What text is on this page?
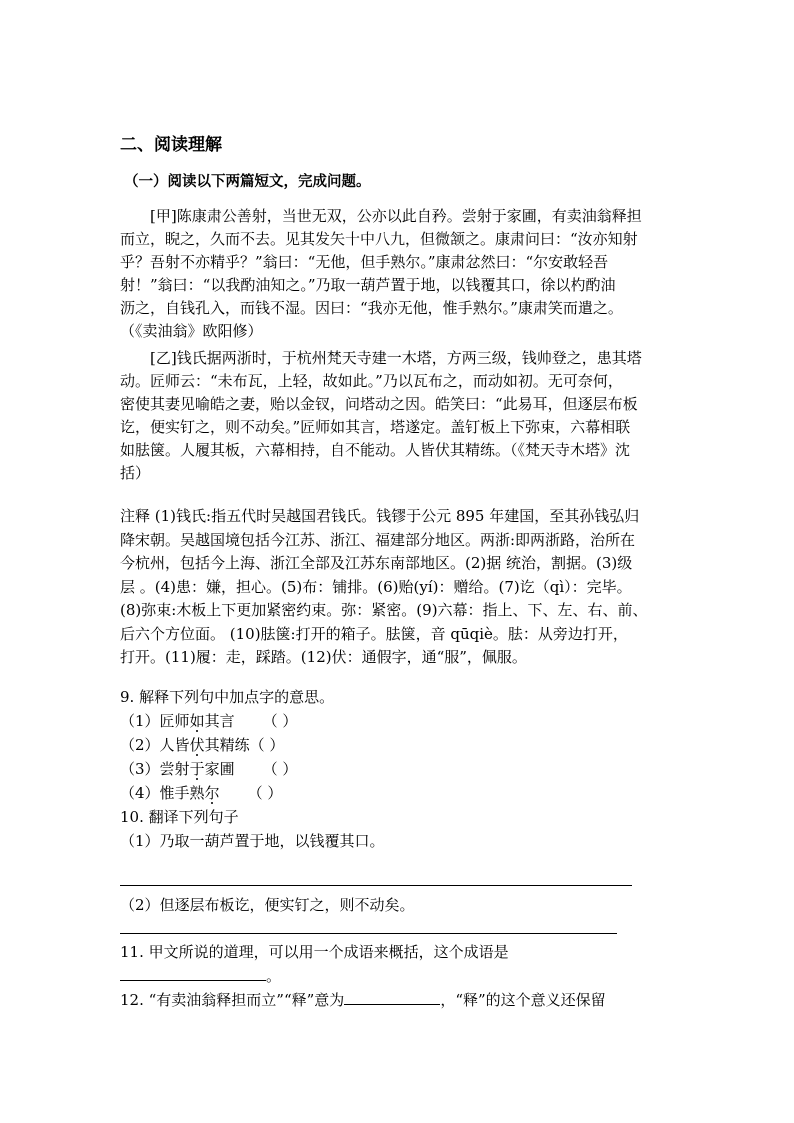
二、阅读理解
（一）阅读以下两篇短文，完成问题。
[甲]陈康肃公善射，当世无双，公亦以此自矜。尝射于家圃，有卖油翁释担
而立，睨之，久而不去。见其发矢十中八九，但微颔之。康肃问曰：“汝亦知射
乎？吾射不亦精乎？”翁曰：“无他，但手熟尔。”康肃忿然曰：“尔安敢轻吾
射！”翁曰：“以我酌油知之。”乃取一葫芦置于地，以钱覆其口，徐以杓酌油
沥之，自钱孔入，而钱不湿。因曰：“我亦无他，惟手熟尔。”康肃笑而遣之。
（《卖油翁》欧阳修）
[乙]钱氏据两浙时，于杭州梵天寺建一木塔，方两三级，钱帅登之，患其塔
动。匠师云：“未布瓦，上轻，故如此。”乃以瓦布之，而动如初。无可奈何，
密使其妻见喻皓之妻，贻以金钗，问塔动之因。皓笑曰：“此易耳，但逐层布板
讫，便实钉之，则不动矣。”匠师如其言，塔遂定。盖钉板上下弥束，六幕相联
如胠箧。人履其板，六幕相持，自不能动。人皆伏其精练。（《梵天寺木塔》沈
括）
注释 (1)钱氏:指五代时吴越国君钱氏。钱镠于公元 895 年建国，至其孙钱弘归
降宋朝。吴越国境包括今江苏、浙江、福建部分地区。两浙:即两浙路，治所在
今杭州，包括今上海、浙江全部及江苏东南部地区。(2)据 统治，割据。(3)级
层 。(4)患：嫌，担心。(5)布：铺排。(6)贻(yí)：赠给。(7)讫（qì）：完毕。
(8)弥束:木板上下更加紧密约束。弥：紧密。(9)六幕：指上、下、左、右、前、
后六个方位面。 (10)胠箧:打开的箱子。胠箧，音 qūqiè。胠：从旁边打开，
打开。(11)履：走，踩踏。(12)伏：通假字，通“服”，佩服。
9. 解释下列句中加点字的意思。
（1）匠师如其言 （ ）
（2）人皆伏其精练（ ）
（3）尝射于家圃 （ ）
（4）惟手熟尔 （ ）
10. 翻译下列句子
（1）乃取一葫芦置于地，以钱覆其口。
（2）但逐层布板讫，便实钉之，则不动矣。
11. 甲文所说的道理，可以用一个成语来概括，这个成语是
。
12. “有卖油翁释担而立”“释”意为	，“释”的这个意义还保留
